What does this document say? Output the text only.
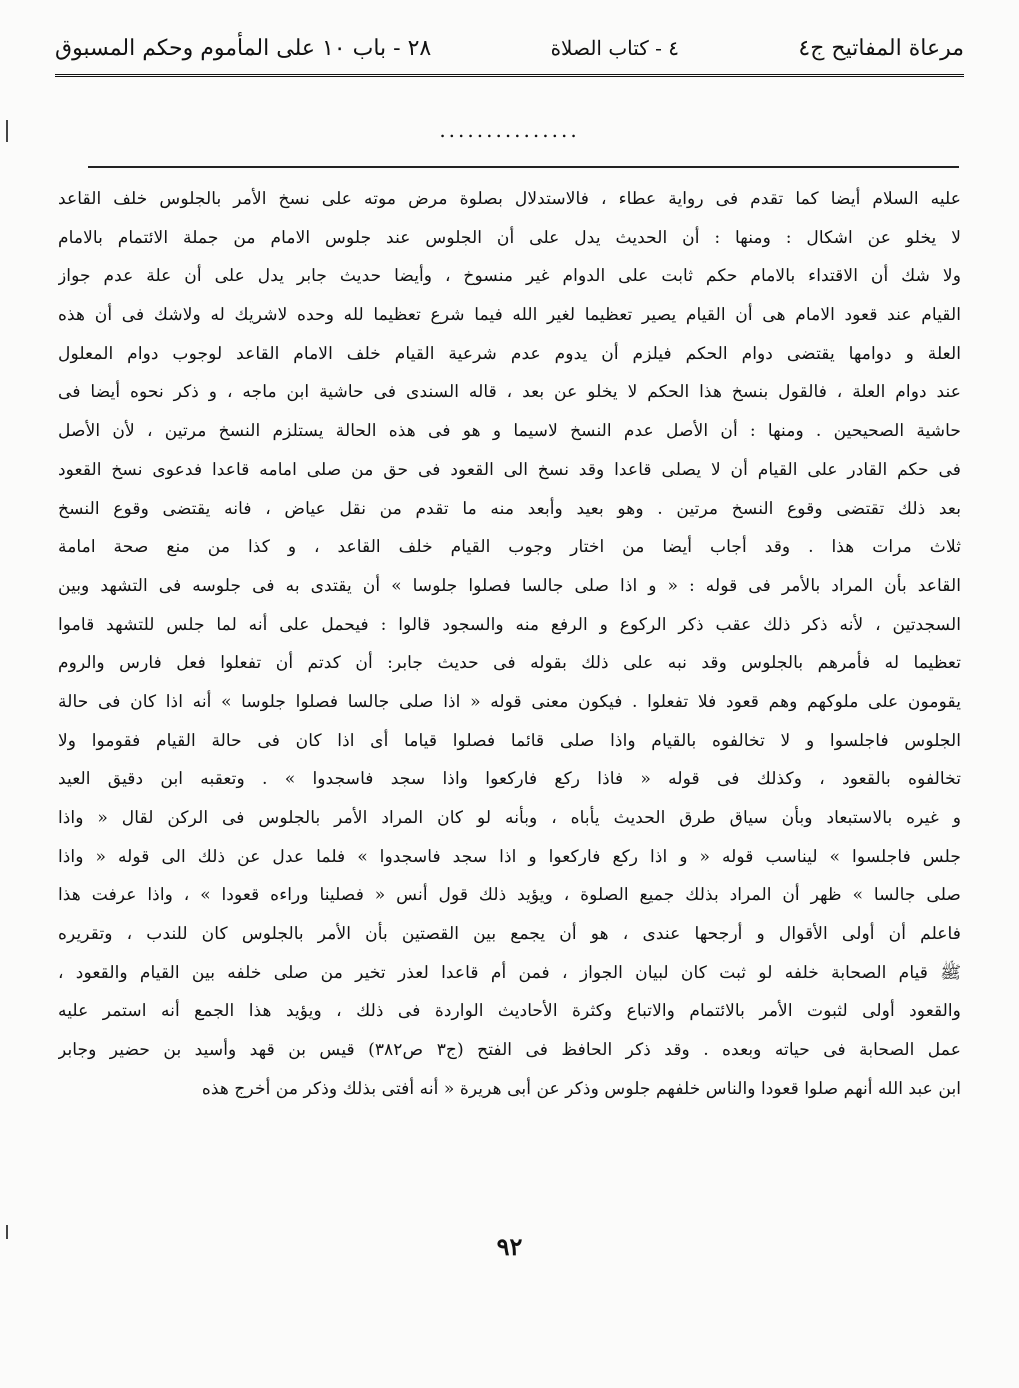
مرعاة المفاتيح ج٤
٤ - كتاب الصلاة
٢٨ - باب ١٠ على المأموم وحكم المسبوق
...............
عليه السلام أيضا كما تقدم فى رواية عطاء ، فالاستدلال بصلوة مرض موته على نسخ الأمر بالجلوس خلف القاعد
لا يخلو عن اشكال : ومنها : أن الحديث يدل على أن الجلوس عند جلوس الامام من جملة الائتمام بالامام
ولا شك أن الاقتداء بالامام حكم ثابت على الدوام غير منسوخ ، وأيضا حديث جابر يدل على أن علة عدم جواز
القيام عند قعود الامام هى أن القيام يصير تعظيما لغير الله فيما شرع تعظيما لله وحده لاشريك له ولاشك فى أن هذه
العلة و دوامها يقتضى دوام الحكم فيلزم أن يدوم عدم شرعية القيام خلف الامام القاعد لوجوب دوام المعلول
عند دوام العلة ، فالقول بنسخ هذا الحكم لا يخلو عن بعد ، قاله السندى فى حاشية ابن ماجه ، و ذكر نحوه أيضا فى
حاشية الصحيحين . ومنها : أن الأصل عدم النسخ لاسيما و هو فى هذه الحالة يستلزم النسخ مرتين ، لأن الأصل
فى حكم القادر على القيام أن لا يصلى قاعدا وقد نسخ الى القعود فى حق من صلى امامه قاعدا فدعوى نسخ القعود
بعد ذلك تقتضى وقوع النسخ مرتين . وهو بعيد وأبعد منه ما تقدم من نقل عياض ، فانه يقتضى وقوع النسخ
ثلاث مرات هذا . وقد أجاب أيضا من اختار وجوب القيام خلف القاعد ، و كذا من منع صحة امامة
القاعد بأن المراد بالأمر فى قوله : « و اذا صلى جالسا فصلوا جلوسا » أن يقتدى به فى جلوسه فى التشهد وبين
السجدتين ، لأنه ذكر ذلك عقب ذكر الركوع و الرفع منه والسجود قالوا : فيحمل على أنه لما جلس للتشهد قاموا
تعظيما له فأمرهم بالجلوس وقد نبه على ذلك بقوله فى حديث جابر: أن كدتم أن تفعلوا فعل فارس والروم
يقومون على ملوكهم وهم قعود فلا تفعلوا . فيكون معنى قوله « اذا صلى جالسا فصلوا جلوسا » أنه اذا كان فى حالة
الجلوس فاجلسوا و لا تخالفوه بالقيام واذا صلى قائما فصلوا قياما أى اذا كان فى حالة القيام فقوموا ولا
تخالفوه بالقعود ، وكذلك فى قوله « فاذا ركع فاركعوا واذا سجد فاسجدوا » . وتعقبه ابن دقيق العيد
و غيره بالاستبعاد وبأن سياق طرق الحديث يأباه ، وبأنه لو كان المراد الأمر بالجلوس فى الركن لقال « واذا
جلس فاجلسوا » ليناسب قوله « و اذا ركع فاركعوا و اذا سجد فاسجدوا » فلما عدل عن ذلك الى قوله « واذا
صلى جالسا » ظهر أن المراد بذلك جميع الصلوة ، ويؤيد ذلك قول أنس « فصلينا وراءه قعودا » ، واذا عرفت هذا
فاعلم أن أولى الأقوال و أرجحها عندى ، هو أن يجمع بين القصتين بأن الأمر بالجلوس كان للندب ، وتقريره
ﷺ قيام الصحابة خلفه لو ثبت كان لبيان الجواز ، فمن أم قاعدا لعذر تخير من صلى خلفه بين القيام والقعود ،
والقعود أولى لثبوت الأمر بالائتمام والاتباع وكثرة الأحاديث الواردة فى ذلك ، ويؤيد هذا الجمع أنه استمر عليه
عمل الصحابة فى حياته وبعده . وقد ذكر الحافظ فى الفتح (ج٣ ص٣٨٢) قيس بن قهد وأسيد بن حضير وجابر
ابن عبد الله أنهم صلوا قعودا والناس خلفهم جلوس وذكر عن أبى هريرة « أنه أفتى بذلك وذكر من أخرج هذه
٩٢
